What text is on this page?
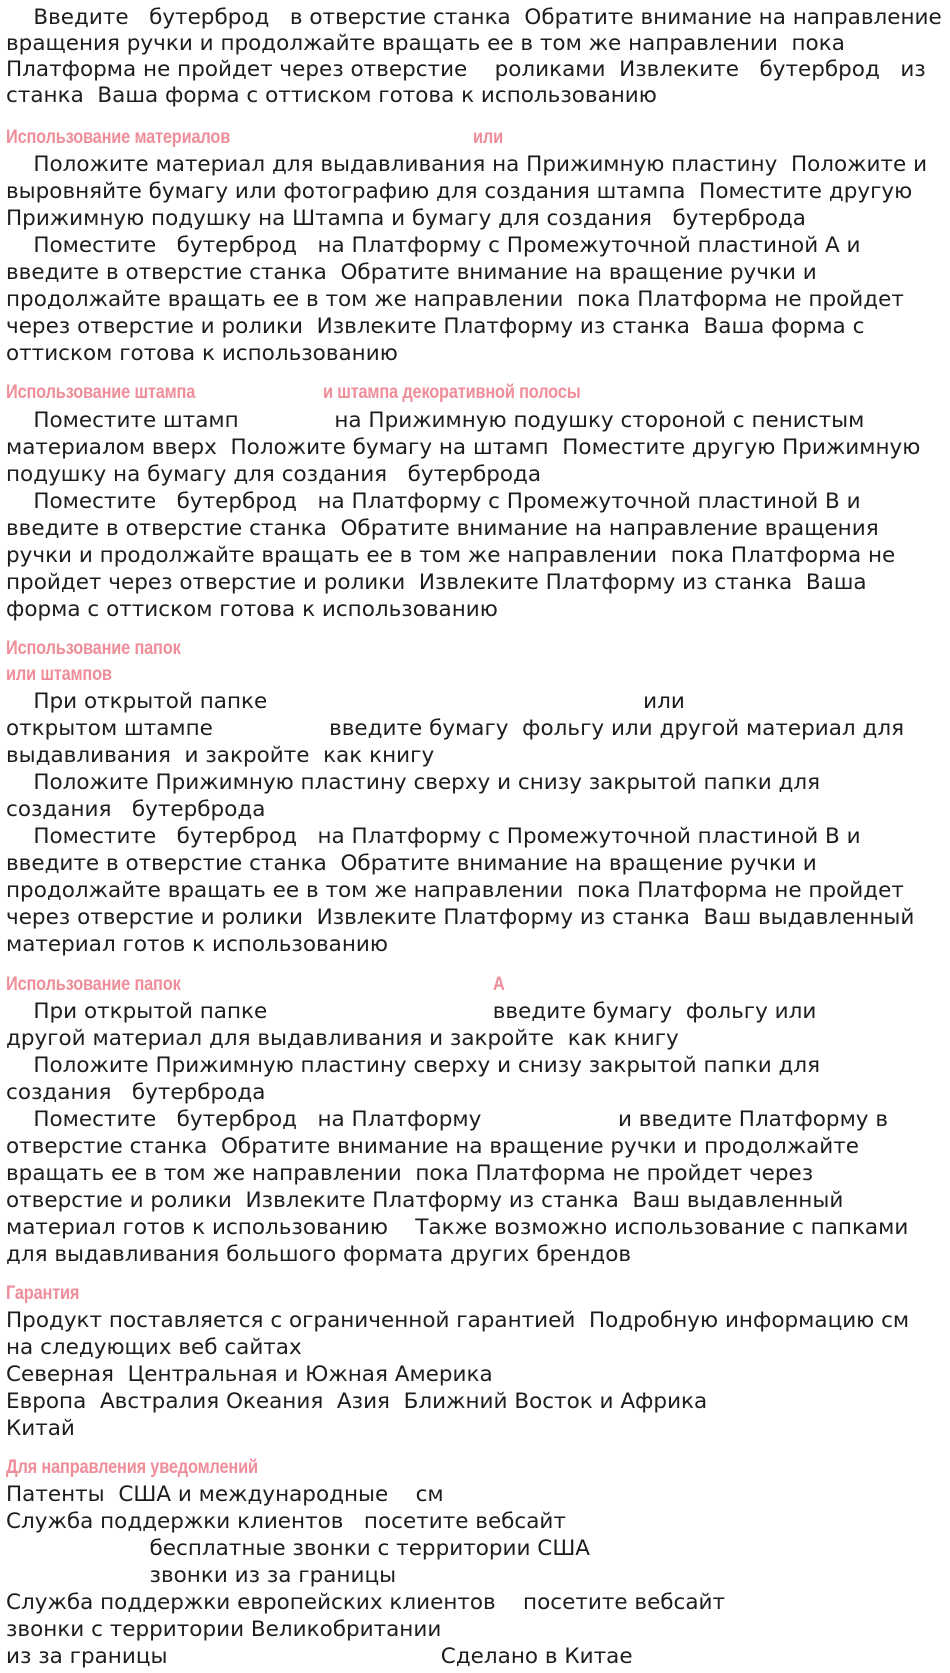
Введите   бутерброд   в отверстие станка  Обратите внимание на направление
вращения ручки и продолжайте вращать ее в том же направлении  пока
Платформа не пройдет через отверстие    роликами  Извлеките   бутерброд   из
станка  Ваша форма с оттиском готова к использованию
Использование материалов	или
Положите материал для выдавливания на Прижимную пластину  Положите и
выровняйте бумагу или фотографию для создания штампа  Поместите другую
Прижимную подушку на Штампа и бумагу для создания   бутерброда
Поместите   бутерброд   на Платформу с Промежуточной пластиной А и
введите в отверстие станка  Обратите внимание на вращение ручки и
продолжайте вращать ее в том же направлении  пока Платформа не пройдет
через отверстие и ролики  Извлеките Платформу из станка  Ваша форма с
оттиском готова к использованию
Использование штампа	и штампа декоративной полосы
Поместите штамп              на Прижимную подушку стороной с пенистым
материалом вверх  Положите бумагу на штамп  Поместите другую Прижимную
подушку на бумагу для создания   бутерброда
Поместите   бутерброд   на Платформу с Промежуточной пластиной В и
введите в отверстие станка  Обратите внимание на направление вращения
ручки и продолжайте вращать ее в том же направлении  пока Платформа не
пройдет через отверстие и ролики  Извлеките Платформу из станка  Ваша
форма с оттиском готова к использованию
Использование папок
или штампов
При открытой папке                                                       или
открытом штампе                 введите бумагу  фольгу или другой материал для
выдавливания  и закройте  как книгу
Положите Прижимную пластину сверху и снизу закрытой папки для
создания   бутерброда
Поместите   бутерброд   на Платформу с Промежуточной пластиной В и
введите в отверстие станка  Обратите внимание на вращение ручки и
продолжайте вращать ее в том же направлении  пока Платформа не пройдет
через отверстие и ролики  Извлеките Платформу из станка  Ваш выдавленный
материал готов к использованию
Использование папок	А
При открытой папке                                 введите бумагу  фольгу или
другой материал для выдавливания и закройте  как книгу
Положите Прижимную пластину сверху и снизу закрытой папки для
создания   бутерброда
Поместите   бутерброд   на Платформу                    и введите Платформу в
отверстие станка  Обратите внимание на вращение ручки и продолжайте
вращать ее в том же направлении  пока Платформа не пройдет через
отверстие и ролики  Извлеките Платформу из станка  Ваш выдавленный
материал готов к использованию    Также возможно использование с папками
для выдавливания большого формата других брендов
Гарантия
Продукт поставляется с ограниченной гарантией  Подробную информацию см
на следующих веб сайтах
Северная  Центральная и Южная Америка
Европа  Австралия Океания  Азия  Ближний Восток и Африка
Китай
Для направления уведомлений
Патенты  США и международные    см
Служба поддержки клиентов   посетите вебсайт
бесплатные звонки с территории США
звонки из за границы
Служба поддержки европейских клиентов    посетите вебсайт
звонки с территории Великобритании
из за границы                                        Сделано в Китае
